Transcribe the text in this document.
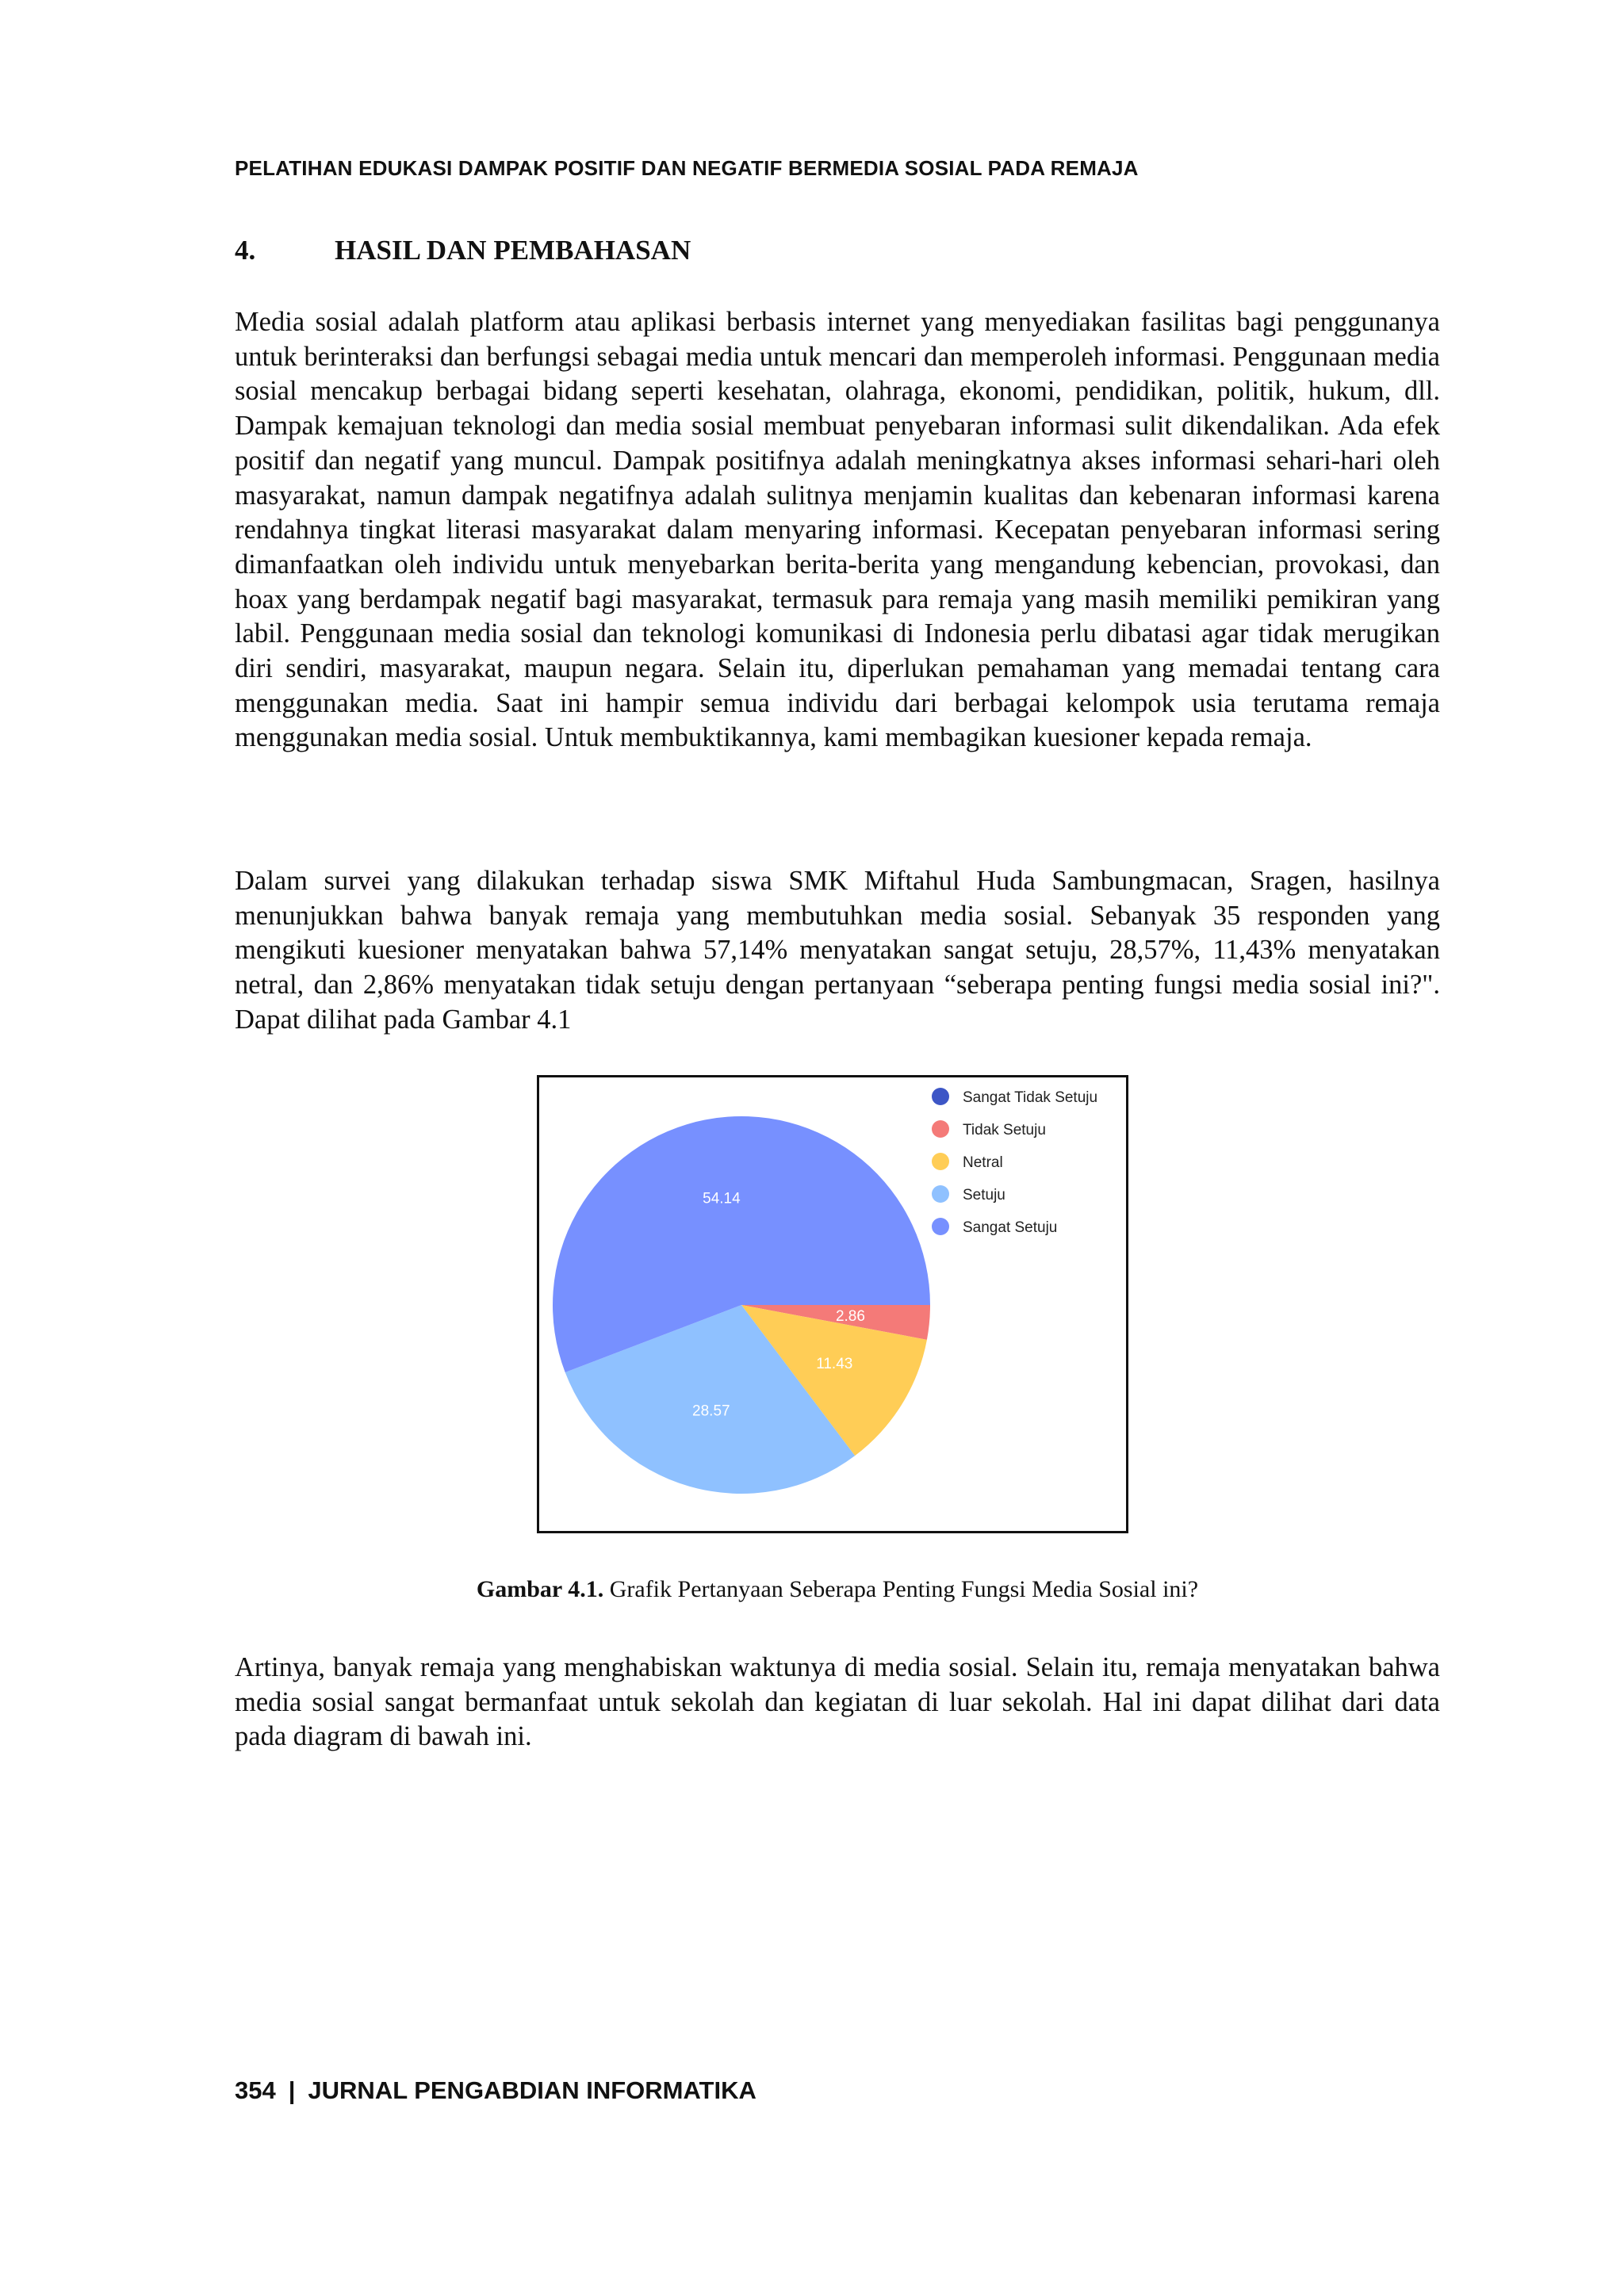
PELATIHAN EDUKASI DAMPAK POSITIF DAN NEGATIF BERMEDIA SOSIAL PADA REMAJA
4.	HASIL DAN PEMBAHASAN

Media sosial adalah platform atau aplikasi berbasis internet yang menyediakan fasilitas bagi penggunanya untuk berinteraksi dan berfungsi sebagai media untuk mencari dan memperoleh informasi. Penggunaan media sosial mencakup berbagai bidang seperti kesehatan, olahraga, ekonomi, pendidikan, politik, hukum, dll. Dampak kemajuan teknologi dan media sosial membuat penyebaran informasi sulit dikendalikan. Ada efek positif dan negatif yang muncul. Dampak positifnya adalah meningkatnya akses informasi sehari-hari oleh masyarakat, namun dampak negatifnya adalah sulitnya menjamin kualitas dan kebenaran informasi karena rendahnya tingkat literasi masyarakat dalam menyaring informasi. Kecepatan penyebaran informasi sering dimanfaatkan oleh individu untuk menyebarkan berita-berita yang mengandung kebencian, provokasi, dan hoax yang berdampak negatif bagi masyarakat, termasuk para remaja yang masih memiliki pemikiran yang labil. Penggunaan media sosial dan teknologi komunikasi di Indonesia perlu dibatasi agar tidak merugikan diri sendiri, masyarakat, maupun negara. Selain itu, diperlukan pemahaman yang memadai tentang cara menggunakan media. Saat ini hampir semua individu dari berbagai kelompok usia terutama remaja menggunakan media sosial. Untuk membuktikannya, kami membagikan kuesioner kepada remaja.

Dalam survei yang dilakukan terhadap siswa SMK Miftahul Huda Sambungmacan, Sragen, hasilnya menunjukkan bahwa banyak remaja yang membutuhkan media sosial. Sebanyak 35 responden yang mengikuti kuesioner menyatakan bahwa 57,14% menyatakan sangat setuju, 28,57%, 11,43% menyatakan netral, dan 2,86% menyatakan tidak setuju dengan pertanyaan “seberapa penting fungsi media sosial ini?". Dapat dilihat pada Gambar 4.1

2.86
11.43
28.57
54.14
Sangat Tidak Setuju
Tidak Setuju
Netral
Setuju
Sangat Setuju
Gambar 4.1. Grafik Pertanyaan Seberapa Penting Fungsi Media Sosial ini?

Artinya, banyak remaja yang menghabiskan waktunya di media sosial. Selain itu, remaja menyatakan bahwa media sosial sangat bermanfaat untuk sekolah dan kegiatan di luar sekolah. Hal ini dapat dilihat dari data pada diagram di bawah ini.

354 | JURNAL PENGABDIAN INFORMATIKA
